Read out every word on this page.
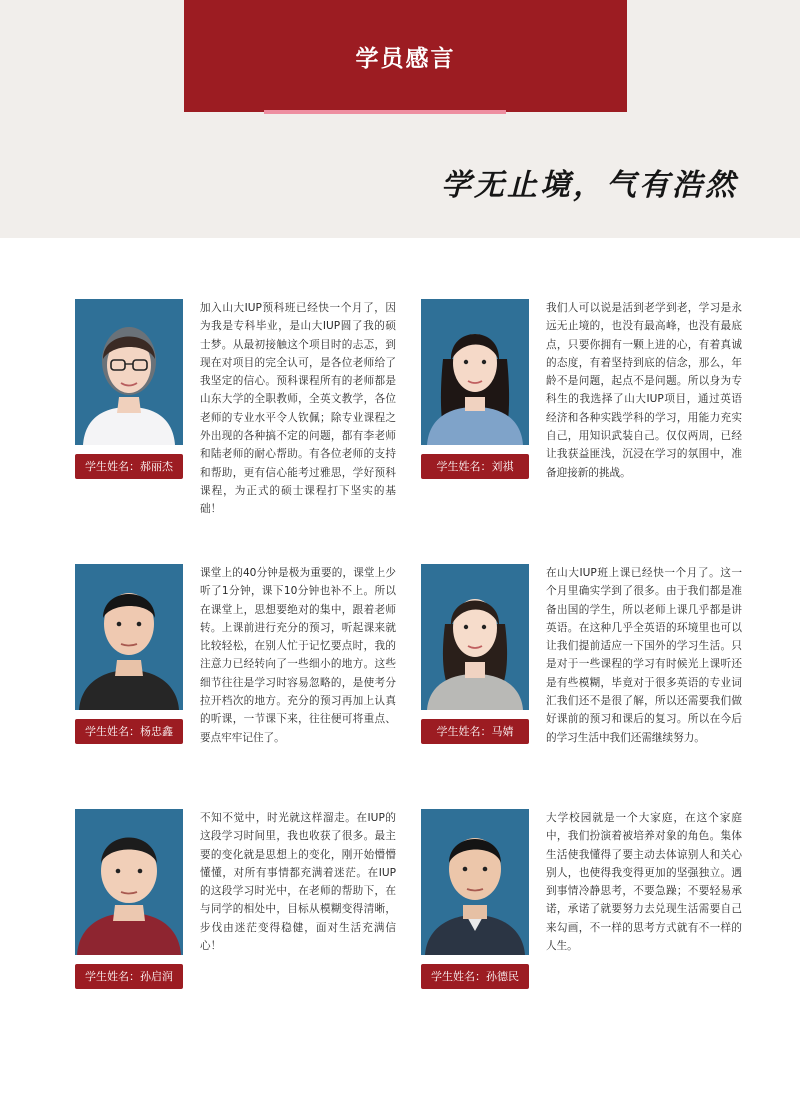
学员感言
学无止境，气有浩然
学生姓名：郝丽杰
加入山大IUP预科班已经快一个月了，因为我是专科毕业，是山大IUP圆了我的硕士梦。从最初接触这个项目时的忐忑，到现在对项目的完全认可，是各位老师给了我坚定的信心。预科课程所有的老师都是山东大学的全职教师，全英文教学，各位老师的专业水平令人钦佩；除专业课程之外出现的各种搞不定的问题，都有李老师和陆老师的耐心帮助。有各位老师的支持和帮助，更有信心能考过雅思，学好预科课程，为正式的硕士课程打下坚实的基础！
学生姓名：刘祺
我们人可以说是活到老学到老，学习是永远无止境的，也没有最高峰，也没有最底点，只要你拥有一颗上进的心，有着真诚的态度，有着坚持到底的信念，那么，年龄不是问题，起点不是问题。所以身为专科生的我选择了山大IUP项目，通过英语经济和各种实践学科的学习，用能力充实自己，用知识武装自己。仅仅两周，已经让我获益匪浅，沉浸在学习的氛围中，准备迎接新的挑战。
学生姓名：杨忠鑫
课堂上的40分钟是极为重要的，课堂上少听了1分钟，课下10分钟也补不上。所以在课堂上，思想要绝对的集中，跟着老师转。上课前进行充分的预习，听起课来就比较轻松，在别人忙于记忆要点时，我的注意力已经转向了一些细小的地方。这些细节往往是学习时容易忽略的，是使考分拉开档次的地方。充分的预习再加上认真的听课，一节课下来，往往便可将重点、要点牢牢记住了。	学生姓名：马婧
在山大IUP班上课已经快一个月了。这一个月里确实学到了很多。由于我们都是准备出国的学生，所以老师上课几乎都是讲英语。在这种几乎全英语的环境里也可以让我们提前适应一下国外的学习生活。只是对于一些课程的学习有时候光上课听还是有些模糊，毕竟对于很多英语的专业词汇我们还不是很了解，所以还需要我们做好课前的预习和课后的复习。所以在今后的学习生活中我们还需继续努力。
学生姓名：孙启润
不知不觉中，时光就这样溜走。在IUP的这段学习时间里，我也收获了很多。最主要的变化就是思想上的变化，刚开始懵懵懂懂，对所有事情都充满着迷茫。在IUP的这段学习时光中，在老师的帮助下，在与同学的相处中，目标从模糊变得清晰，步伐由迷茫变得稳健，面对生活充满信心！
学生姓名：孙德民
大学校园就是一个大家庭，在这个家庭中，我们扮演着被培养对象的角色。集体生活使我懂得了要主动去体谅别人和关心别人，也使得我变得更加的坚强独立。遇到事情冷静思考，不要急躁；不要轻易承诺，承诺了就要努力去兑现生活需要自己来勾画，不一样的思考方式就有不一样的人生。
